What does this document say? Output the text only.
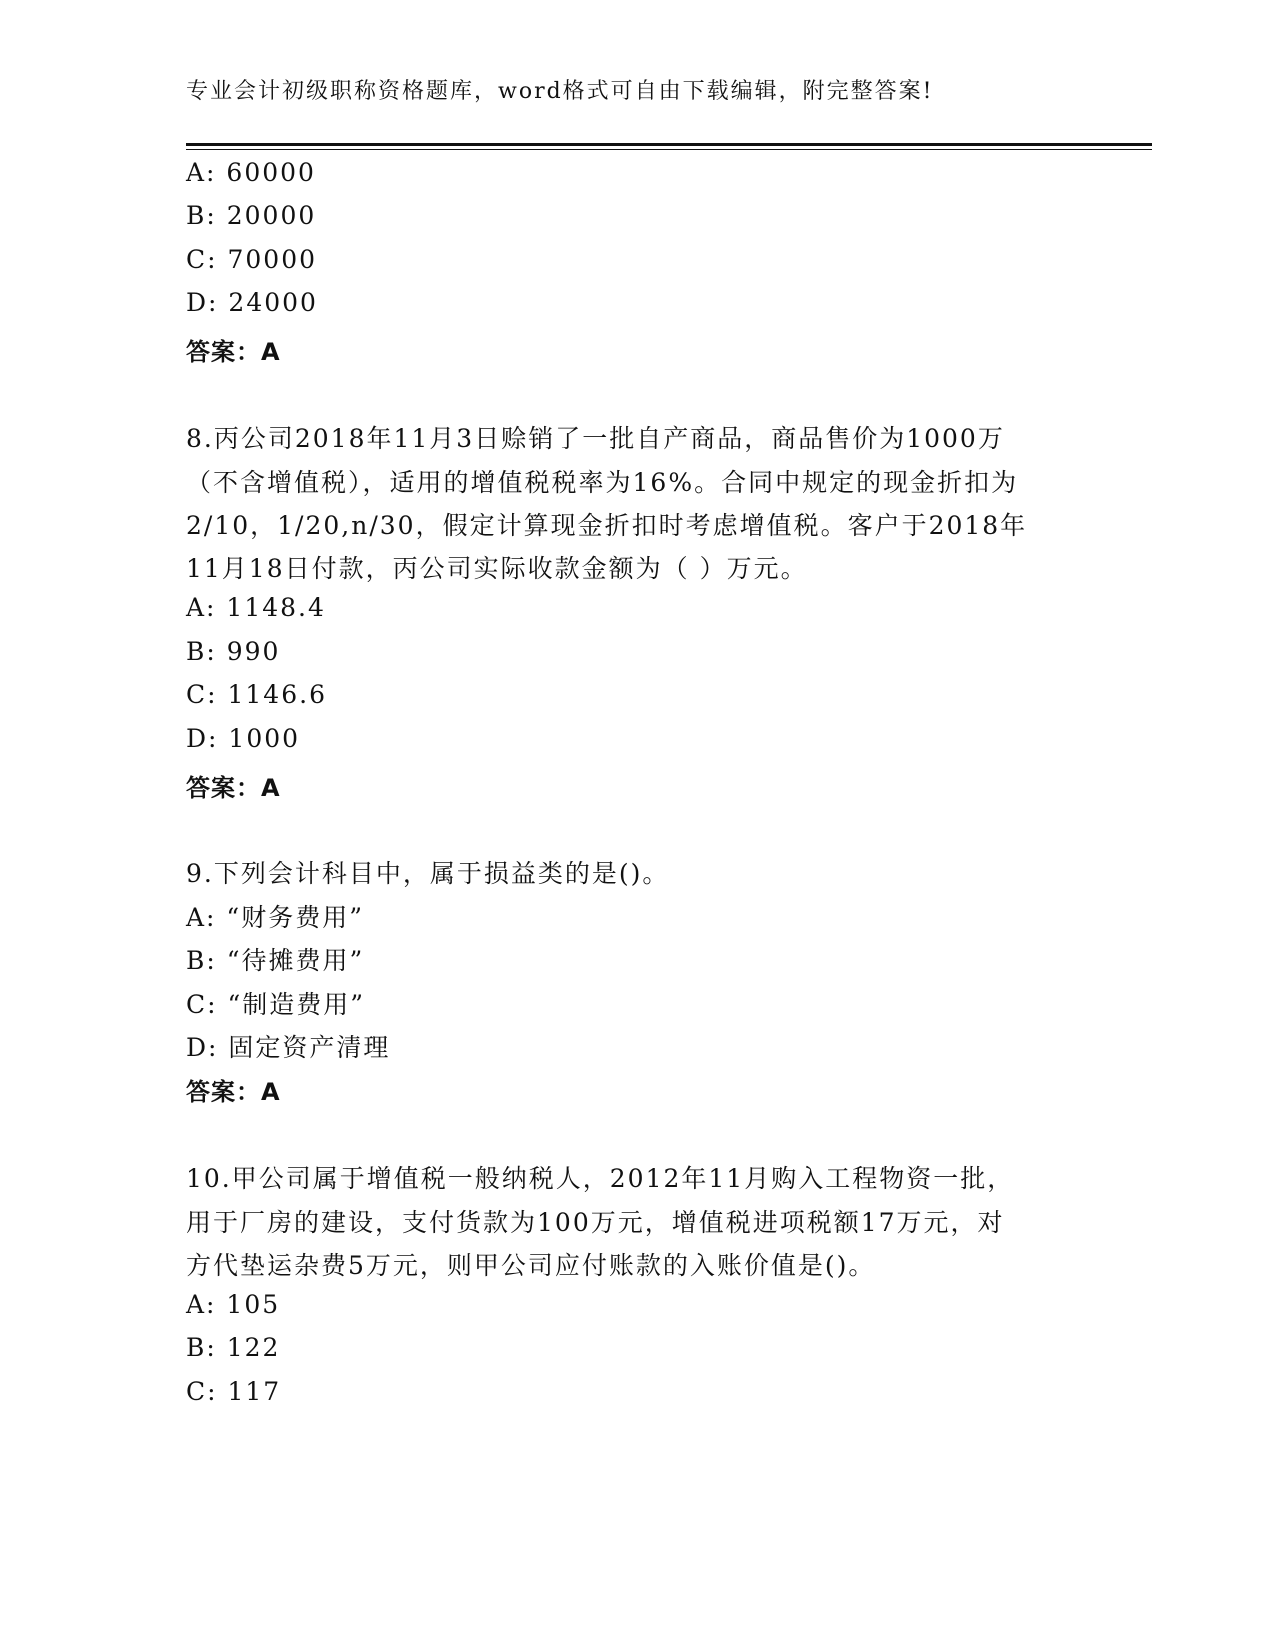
专业会计初级职称资格题库，word格式可自由下载编辑，附完整答案!
A: 60000
B: 20000
C: 70000
D: 24000
答案：A
8.丙公司2018年11月3日赊销了一批自产商品，商品售价为1000万
（不含增值税），适用的增值税税率为16%。合同中规定的现金折扣为
2/10，1/20,n/30，假定计算现金折扣时考虑增值税。客户于2018年
11月18日付款，丙公司实际收款金额为（ ）万元。
A: 1148.4
B: 990
C: 1146.6
D: 1000
答案：A
9.下列会计科目中，属于损益类的是()。
A: “财务费用”
B: “待摊费用”
C: “制造费用”
D: 固定资产清理
答案：A
10.甲公司属于增值税一般纳税人，2012年11月购入工程物资一批，
用于厂房的建设，支付货款为100万元，增值税进项税额17万元，对
方代垫运杂费5万元，则甲公司应付账款的入账价值是()。
A: 105
B: 122
C: 117
